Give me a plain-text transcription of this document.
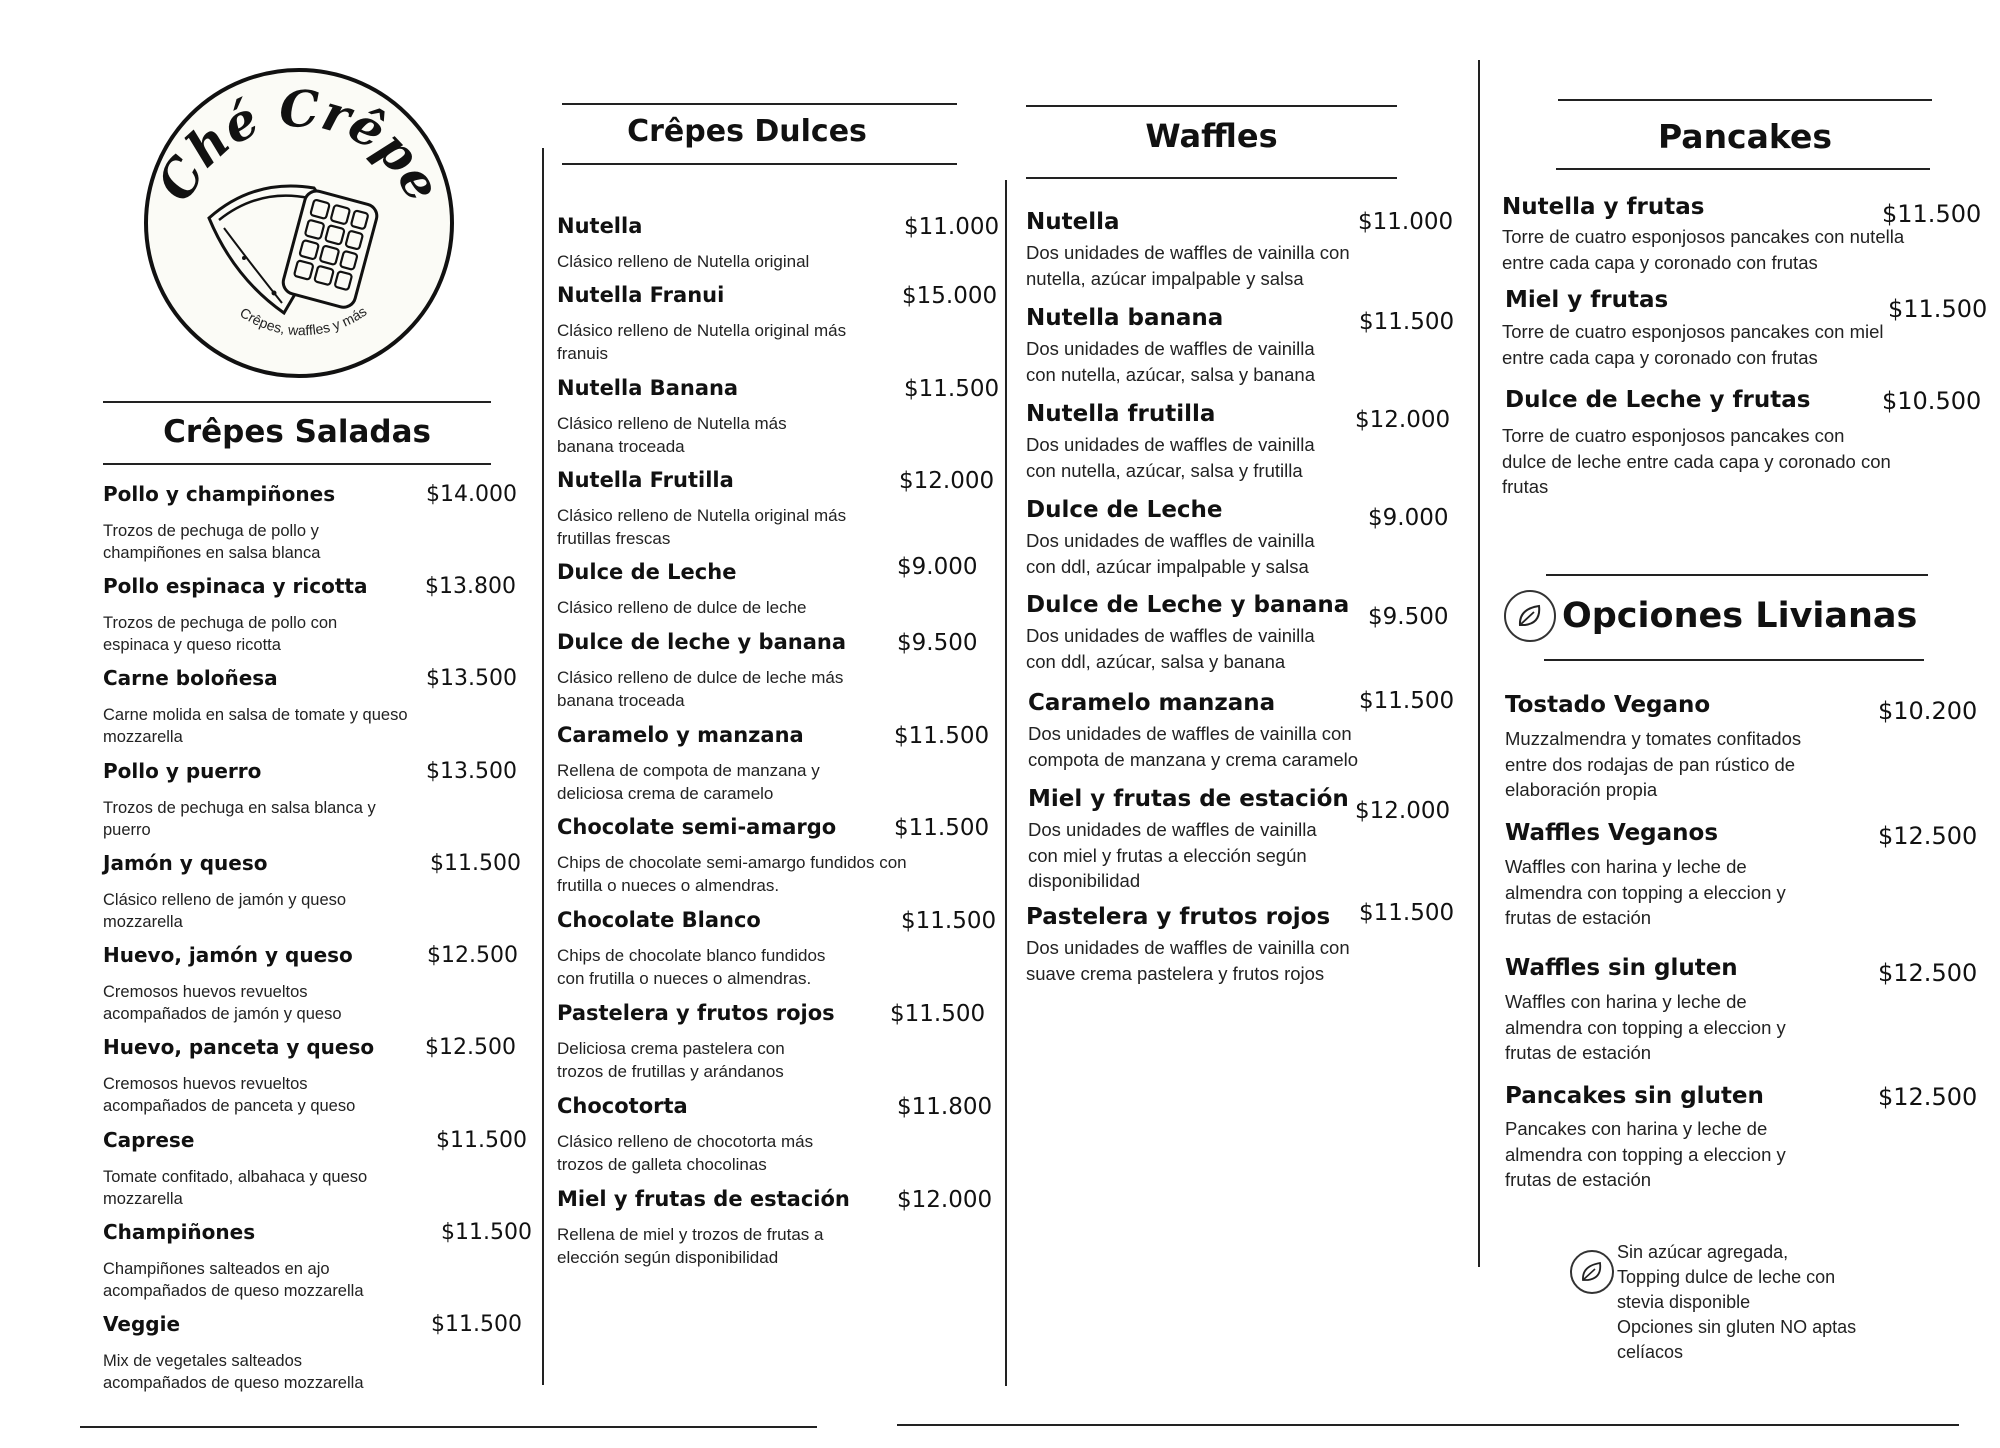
Ché Crêpe
Crêpes, waffles y más
Crêpes Saladas
Pollo y champiñones	$14.000
Trozos de pechuga de pollo y champiñones en salsa blanca
Pollo espinaca y ricotta	$13.800
Trozos de pechuga de pollo con espinaca y queso ricotta
Carne boloñesa	$13.500
Carne molida en salsa de tomate y queso mozzarella
Pollo y puerro	$13.500
Trozos de pechuga en salsa blanca y puerro
Jamón y queso	$11.500
Clásico relleno de jamón y queso mozzarella
Huevo, jamón y queso	$12.500
Cremosos huevos revueltos acompañados de jamón y queso
Huevo, panceta y queso $12.500
Cremosos huevos revueltos acompañados de panceta y queso
Caprese	$11.500
Tomate confitado, albahaca y queso mozzarella
Champiñones	$11.500
Champiñones salteados en ajo acompañados de queso mozzarella
Veggie	$11.500
Mix de vegetales salteados acompañados de queso mozzarella
Crêpes Dulces
Nutella	$11.000
Clásico relleno de Nutella original
Nutella Franui	$15.000
Clásico relleno de Nutella original más franuis
Nutella Banana	$11.500
Clásico relleno de Nutella más banana troceada
Nutella Frutilla	$12.000
Clásico relleno de Nutella original más frutillas frescas
Dulce de Leche	$9.000
Clásico relleno de dulce de leche
Dulce de leche y banana $9.500
Clásico relleno de dulce de leche más banana troceada
Caramelo y manzana	$11.500
Rellena de compota de manzana y deliciosa crema de caramelo
Chocolate semi-amargo	$11.500
Chips de chocolate semi-amargo fundidos con frutilla o nueces o almendras.
Chocolate Blanco	$11.500
Chips de chocolate blanco fundidos con frutilla o nueces o almendras.
Pastelera y frutos rojos $11.500
Deliciosa crema pastelera con trozos de frutillas y arándanos
Chocotorta	$11.800
Clásico relleno de chocotorta más trozos de galleta chocolinas
Miel y frutas de estación $12.000
Rellena de miel y trozos de frutas a elección según disponibilidad
Waffles
Nutella	$11.000
Dos unidades de waffles de vainilla con nutella, azúcar impalpable y salsa
Nutella banana	$11.500
Dos unidades de waffles de vainilla con nutella, azúcar, salsa y banana
Nutella frutilla	$12.000
Dos unidades de waffles de vainilla con nutella, azúcar, salsa y frutilla
Dulce de Leche	$9.000
Dos unidades de waffles de vainilla con ddl, azúcar impalpable y salsa
Dulce de Leche y banana $9.500
Dos unidades de waffles de vainilla con ddl, azúcar, salsa y banana
Caramelo manzana	$11.500
Dos unidades de waffles de vainilla con compota de manzana y crema caramelo
Miel y frutas de estación $12.000
Dos unidades de waffles de vainilla con miel y frutas a elección según disponibilidad
Pastelera y frutos rojos $11.500
Dos unidades de waffles de vainilla con suave crema pastelera y frutos rojos
Pancakes
Nutella y frutas	$11.500
Torre de cuatro esponjosos pancakes con nutella entre cada capa y coronado con frutas
Miel y frutas	$11.500
Torre de cuatro esponjosos pancakes con miel entre cada capa y coronado con frutas
Dulce de Leche y frutas	$10.500
Torre de cuatro esponjosos pancakes con dulce de leche entre cada capa y coronado con frutas
Opciones Livianas
Tostado Vegano	$10.200
Muzzalmendra y tomates confitados entre dos rodajas de pan rústico de elaboración propia
Waffles Veganos	$12.500
Waffles con harina y leche de almendra con topping a eleccion y frutas de estación
Waffles sin gluten	$12.500
Waffles con harina y leche de almendra con topping a eleccion y frutas de estación
Pancakes sin gluten	$12.500
Pancakes con harina y leche de almendra con topping a eleccion y frutas de estación
Sin azúcar agregada,
Topping dulce de leche con
stevia disponible
Opciones sin gluten NO aptas
celíacos
